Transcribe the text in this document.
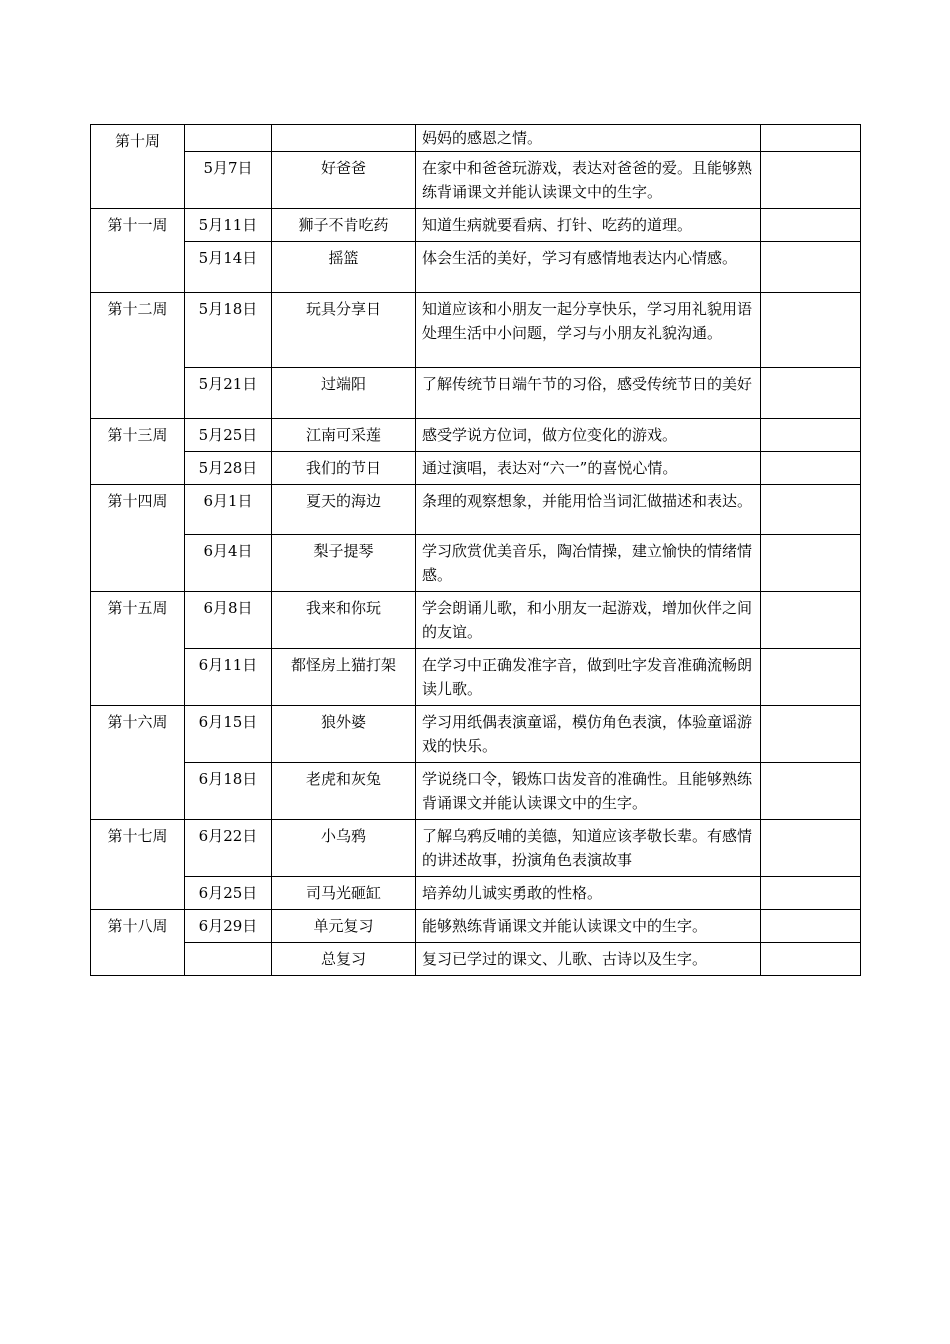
第十周			妈妈的感恩之情。	
	5月7日	好爸爸	在家中和爸爸玩游戏，表达对爸爸的爱。且能够熟练背诵课文并能认读课文中的生字。	
第十一周	5月11日	狮子不肯吃药	知道生病就要看病、打针、吃药的道理。	
	5月14日	摇篮	体会生活的美好，学习有感情地表达内心情感。	
第十二周	5月18日	玩具分享日	知道应该和小朋友一起分享快乐，学习用礼貌用语处理生活中小问题，学习与小朋友礼貌沟通。	
	5月21日	过端阳	了解传统节日端午节的习俗，感受传统节日的美好	
第十三周	5月25日	江南可采莲	感受学说方位词，做方位变化的游戏。	
	5月28日	我们的节日	通过演唱，表达对“六一”的喜悦心情。	
第十四周	6月1日	夏天的海边	条理的观察想象，并能用恰当词汇做描述和表达。	
	6月4日	梨子提琴	学习欣赏优美音乐，陶冶情操，建立愉快的情绪情感。	
第十五周	6月8日	我来和你玩	学会朗诵儿歌，和小朋友一起游戏，增加伙伴之间的友谊。	
	6月11日	都怪房上猫打架	在学习中正确发准字音，做到吐字发音准确流畅朗读儿歌。	
第十六周	6月15日	狼外婆	学习用纸偶表演童谣，模仿角色表演，体验童谣游戏的快乐。	
	6月18日	老虎和灰兔	学说绕口令，锻炼口齿发音的准确性。且能够熟练背诵课文并能认读课文中的生字。	
第十七周	6月22日	小乌鸦	了解乌鸦反哺的美德，知道应该孝敬长辈。有感情的讲述故事，扮演角色表演故事	
	6月25日	司马光砸缸	培养幼儿诚实勇敢的性格。	
第十八周	6月29日	单元复习	能够熟练背诵课文并能认读课文中的生字。	
		总复习	复习已学过的课文、儿歌、古诗以及生字。	
